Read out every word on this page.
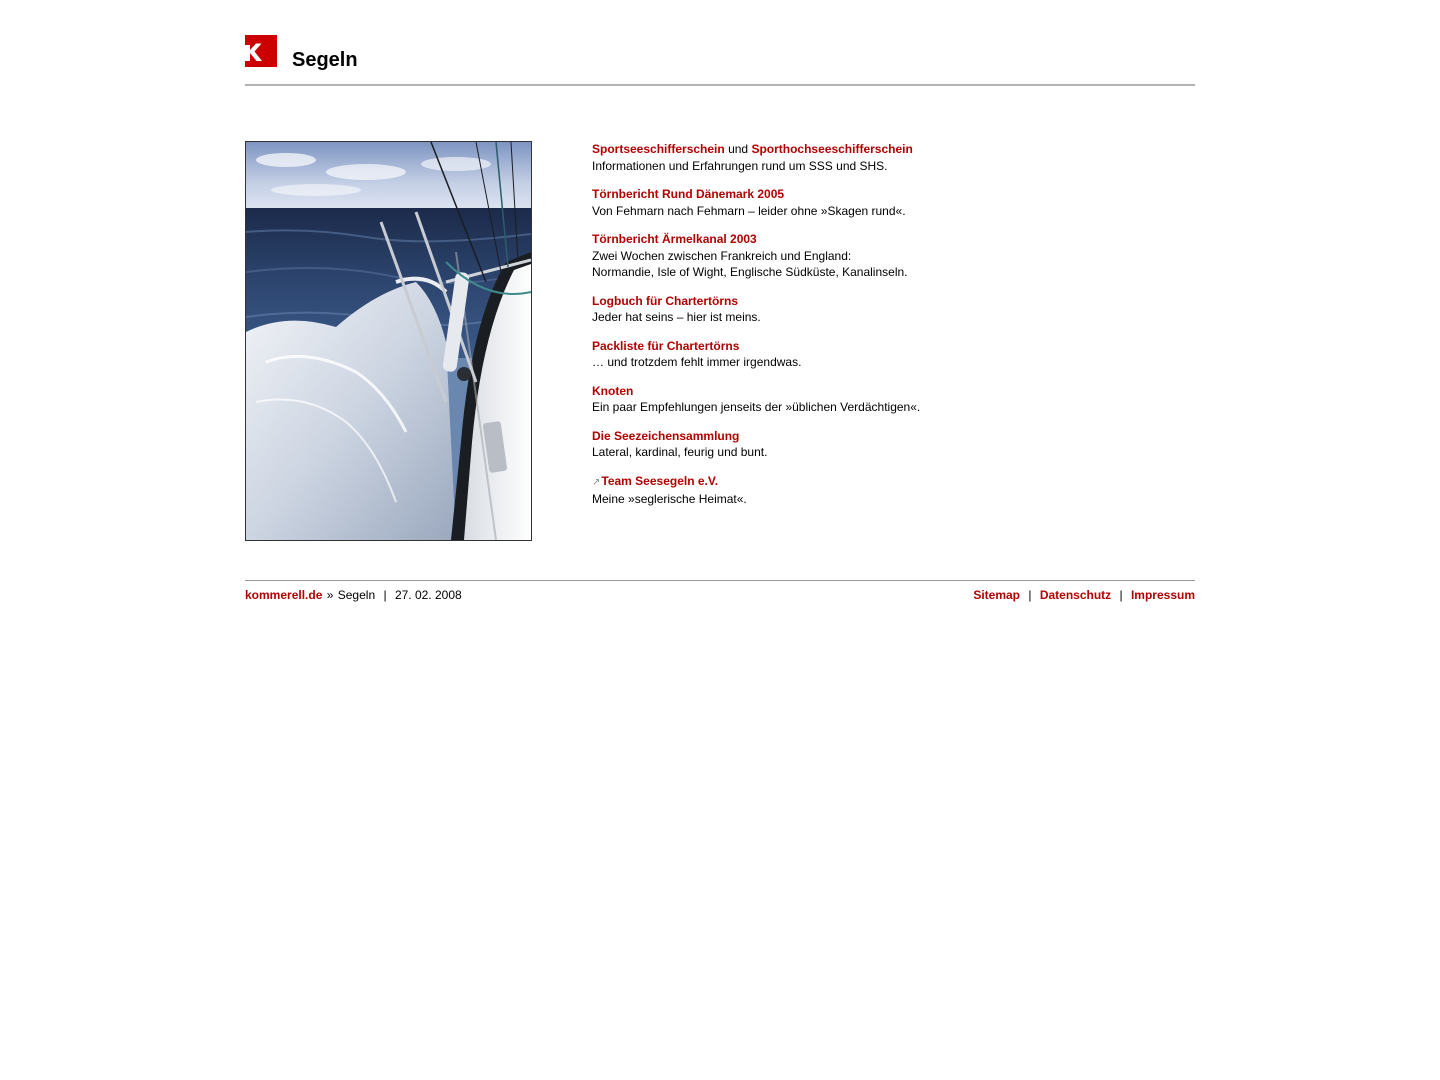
Segeln
Sportseeschifferschein und Sporthochseeschifferschein
Informationen und Erfahrungen rund um SSS und SHS.
Törnbericht Rund Dänemark 2005
Von Fehmarn nach Fehmarn – leider ohne »Skagen rund«.
Törnbericht Ärmelkanal 2003
Zwei Wochen zwischen Frankreich und England:
Normandie, Isle of Wight, Englische Südküste, Kanalinseln.
Logbuch für Chartertörns
Jeder hat seins – hier ist meins.
Packliste für Chartertörns
… und trotzdem fehlt immer irgendwas.
Knoten
Ein paar Empfehlungen jenseits der »üblichen Verdächtigen«.
Die Seezeichensammlung
Lateral, kardinal, feurig und bunt.
↗Team Seesegeln e.V.
Meine »seglerische Heimat«.
kommerell.de » Segeln | 27. 02. 2008	Sitemap | Datenschutz | Impressum
